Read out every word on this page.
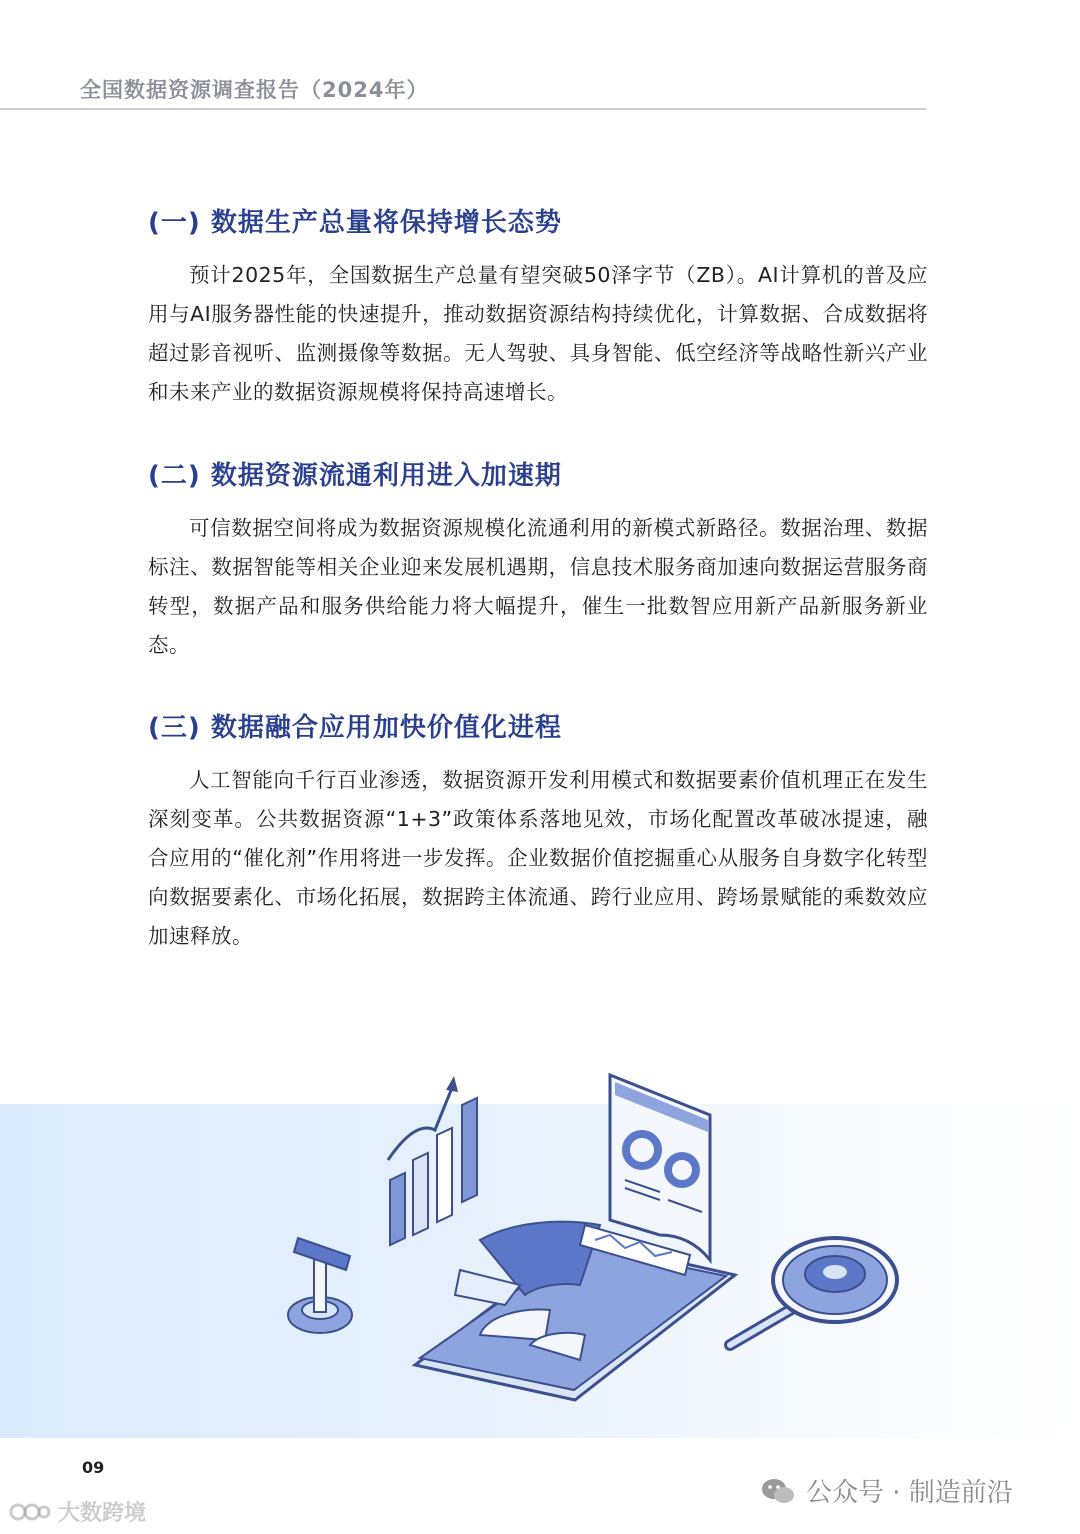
全国数据资源调查报告（2024年）
(一) 数据生产总量将保持增长态势
预计2025年，全国数据生产总量有望突破50泽字节（ZB）。AI计算机的普及应用与AI服务器性能的快速提升，推动数据资源结构持续优化，计算数据、合成数据将超过影音视听、监测摄像等数据。无人驾驶、具身智能、低空经济等战略性新兴产业和未来产业的数据资源规模将保持高速增长。
(二) 数据资源流通利用进入加速期
可信数据空间将成为数据资源规模化流通利用的新模式新路径。数据治理、数据标注、数据智能等相关企业迎来发展机遇期，信息技术服务商加速向数据运营服务商转型，数据产品和服务供给能力将大幅提升，催生一批数智应用新产品新服务新业态。
(三) 数据融合应用加快价值化进程
人工智能向千行百业渗透，数据资源开发利用模式和数据要素价值机理正在发生深刻变革。公共数据资源“1+3”政策体系落地见效，市场化配置改革破冰提速，融合应用的“催化剂”作用将进一步发挥。企业数据价值挖掘重心从服务自身数字化转型向数据要素化、市场化拓展，数据跨主体流通、跨行业应用、跨场景赋能的乘数效应加速释放。
09
公众号 · 制造前沿
大数跨境
